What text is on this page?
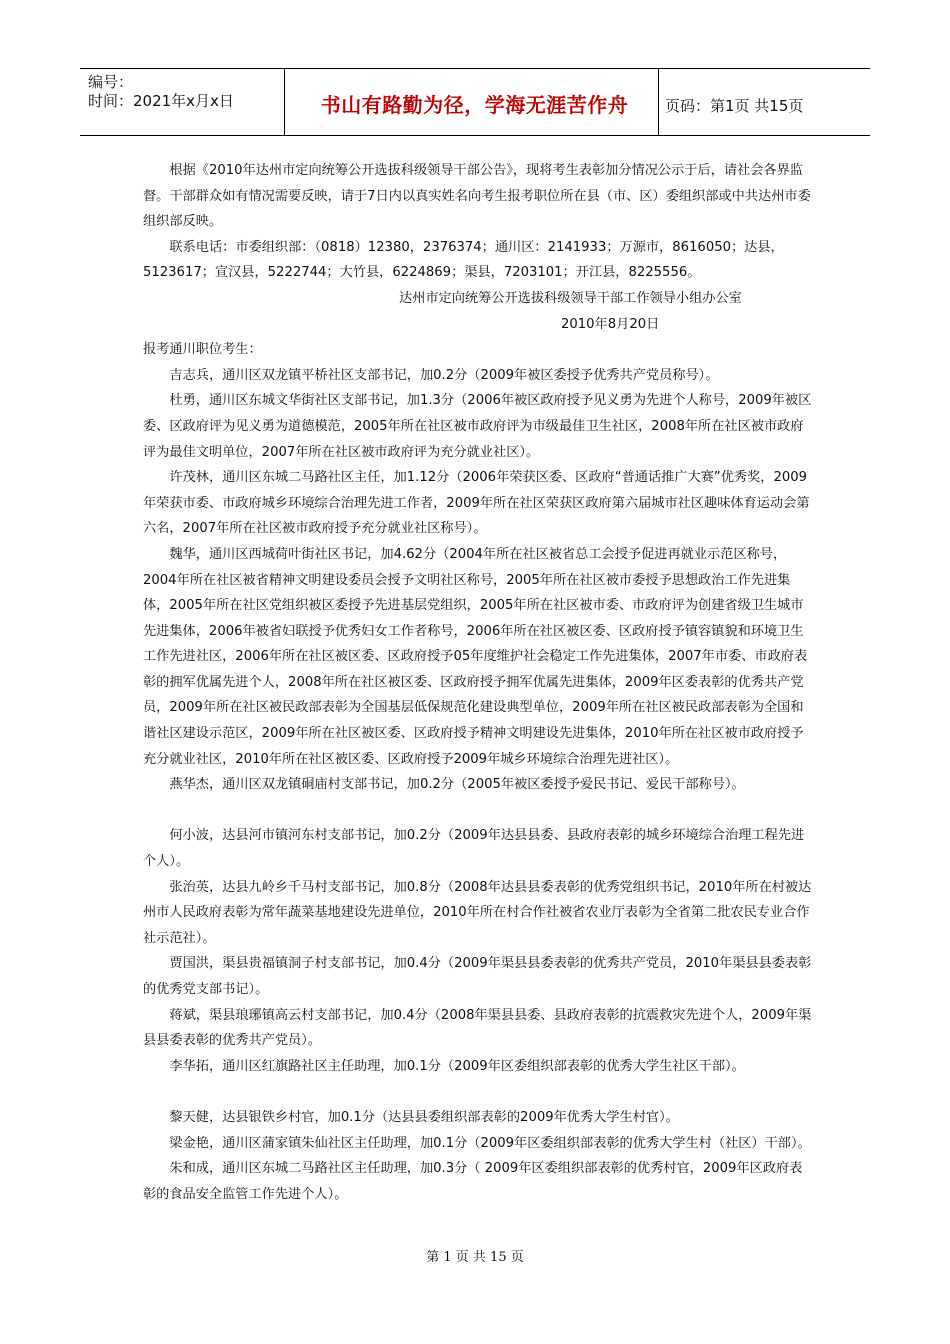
编号：
时间：2021年x月x日	书山有路勤为径，学海无涯苦作舟	页码：第1页 共15页

根据《2010年达州市定向统筹公开选拔科级领导干部公告》，现将考生表彰加分情况公示于后，请社会各界监督。干部群众如有情况需要反映，请于7日内以真实姓名向考生报考职位所在县（市、区）委组织部或中共达州市委组织部反映。

联系电话：市委组织部：（0818）12380，2376374；通川区：2141933；万源市，8616050；达县，5123617；宣汉县，5222744；大竹县，6224869；渠县，7203101；开江县，8225556。

达州市定向统筹公开选拔科级领导干部工作领导小组办公室

2010年8月20日

报考通川职位考生：

吉志兵，通川区双龙镇平桥社区支部书记，加0.2分（2009年被区委授予优秀共产党员称号）。

杜勇，通川区东城文华街社区支部书记，加1.3分（2006年被区政府授予见义勇为先进个人称号，2009年被区委、区政府评为见义勇为道德模范，2005年所在社区被市政府评为市级最佳卫生社区，2008年所在社区被市政府评为最佳文明单位，2007年所在社区被市政府评为充分就业社区）。

许茂林，通川区东城二马路社区主任，加1.12分（2006年荣获区委、区政府“普通话推广大赛”优秀奖，2009年荣获市委、市政府城乡环境综合治理先进工作者，2009年所在社区荣获区政府第六届城市社区趣味体育运动会第六名，2007年所在社区被市政府授予充分就业社区称号）。

魏华，通川区西城荷叶街社区书记，加4.62分（2004年所在社区被省总工会授予促进再就业示范区称号，2004年所在社区被省精神文明建设委员会授予文明社区称号，2005年所在社区被市委授予思想政治工作先进集体，2005年所在社区党组织被区委授予先进基层党组织，2005年所在社区被市委、市政府评为创建省级卫生城市先进集体，2006年被省妇联授予优秀妇女工作者称号，2006年所在社区被区委、区政府授予镇容镇貌和环境卫生工作先进社区，2006年所在社区被区委、区政府授予05年度维护社会稳定工作先进集体，2007年市委、市政府表彰的拥军优属先进个人，2008年所在社区被区委、区政府授予拥军优属先进集体，2009年区委表彰的优秀共产党员，2009年所在社区被民政部表彰为全国基层低保规范化建设典型单位，2009年所在社区被民政部表彰为全国和谐社区建设示范区，2009年所在社区被区委、区政府授予精神文明建设先进集体，2010年所在社区被市政府授予充分就业社区，2010年所在社区被区委、区政府授予2009年城乡环境综合治理先进社区）。

燕华杰，通川区双龙镇硐庙村支部书记，加0.2分（2005年被区委授予爱民书记、爱民干部称号）。

何小波，达县河市镇河东村支部书记，加0.2分（2009年达县县委、县政府表彰的城乡环境综合治理工程先进个人）。

张治英，达县九岭乡千马村支部书记，加0.8分（2008年达县县委表彰的优秀党组织书记，2010年所在村被达州市人民政府表彰为常年蔬菜基地建设先进单位，2010年所在村合作社被省农业厅表彰为全省第二批农民专业合作社示范社）。

贾国洪，渠县贵福镇洞子村支部书记，加0.4分（2009年渠县县委表彰的优秀共产党员，2010年渠县县委表彰的优秀党支部书记）。

蒋斌，渠县琅琊镇高云村支部书记，加0.4分（2008年渠县县委、县政府表彰的抗震救灾先进个人，2009年渠县县委表彰的优秀共产党员）。

李华拓，通川区红旗路社区主任助理，加0.1分（2009年区委组织部表彰的优秀大学生社区干部）。

黎天健，达县银铁乡村官，加0.1分（达县县委组织部表彰的2009年优秀大学生村官）。

梁金艳，通川区蒲家镇朱仙社区主任助理，加0.1分（2009年区委组织部表彰的优秀大学生村（社区）干部）。

朱和成，通川区东城二马路社区主任助理，加0.3分（ 2009年区委组织部表彰的优秀村官，2009年区政府表彰的食品安全监管工作先进个人）。

第 1 页 共 15 页
